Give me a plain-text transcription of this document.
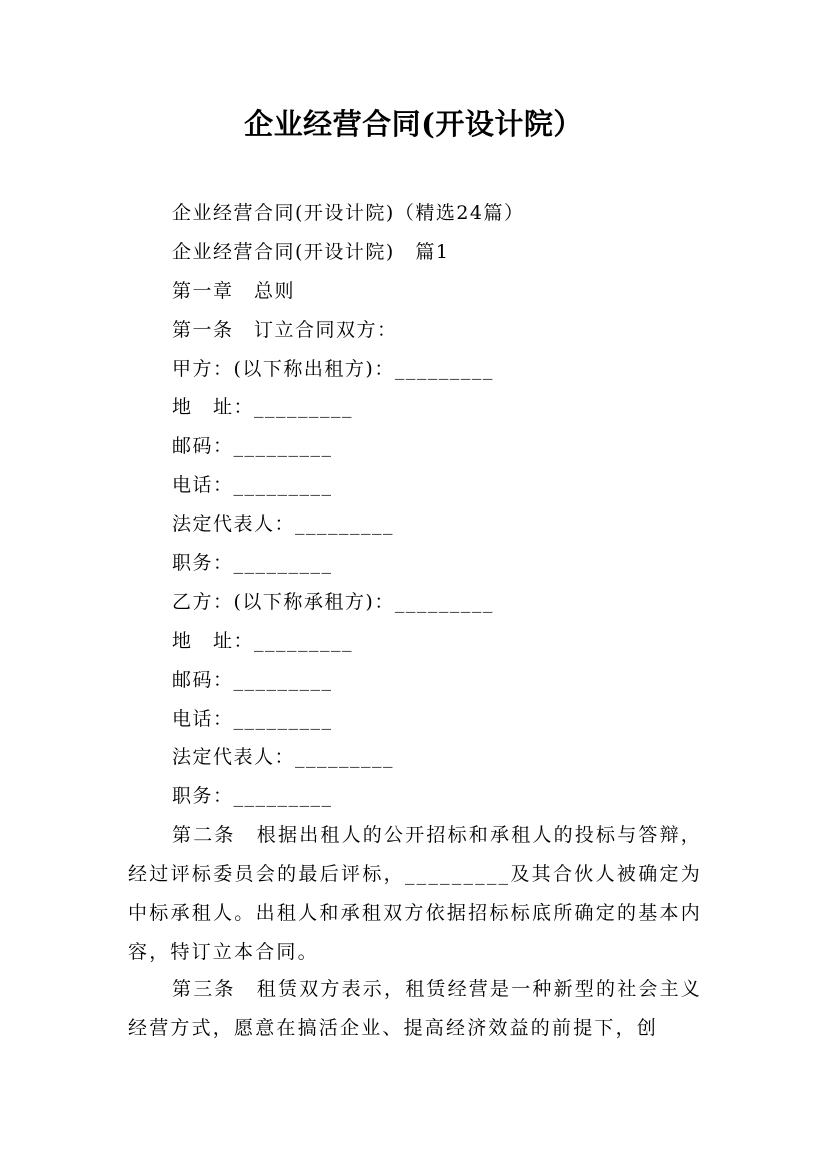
企业经营合同(开设计院）
企业经营合同(开设计院)（精选24篇）
企业经营合同(开设计院)　篇1
第一章　总则
第一条　订立合同双方：
甲方：(以下称出租方)：_________
地　址：_________
邮码：_________
电话：_________
法定代表人：_________
职务：_________
乙方：(以下称承租方)：_________
地　址：_________
邮码：_________
电话：_________
法定代表人：_________
职务：_________
第二条　根据出租人的公开招标和承租人的投标与答辩，经过评标委员会的最后评标，_________及其合伙人被确定为中标承租人。出租人和承租双方依据招标标底所确定的基本内容，特订立本合同。
第三条　租赁双方表示，租赁经营是一种新型的社会主义经营方式，愿意在搞活企业、提高经济效益的前提下，创
